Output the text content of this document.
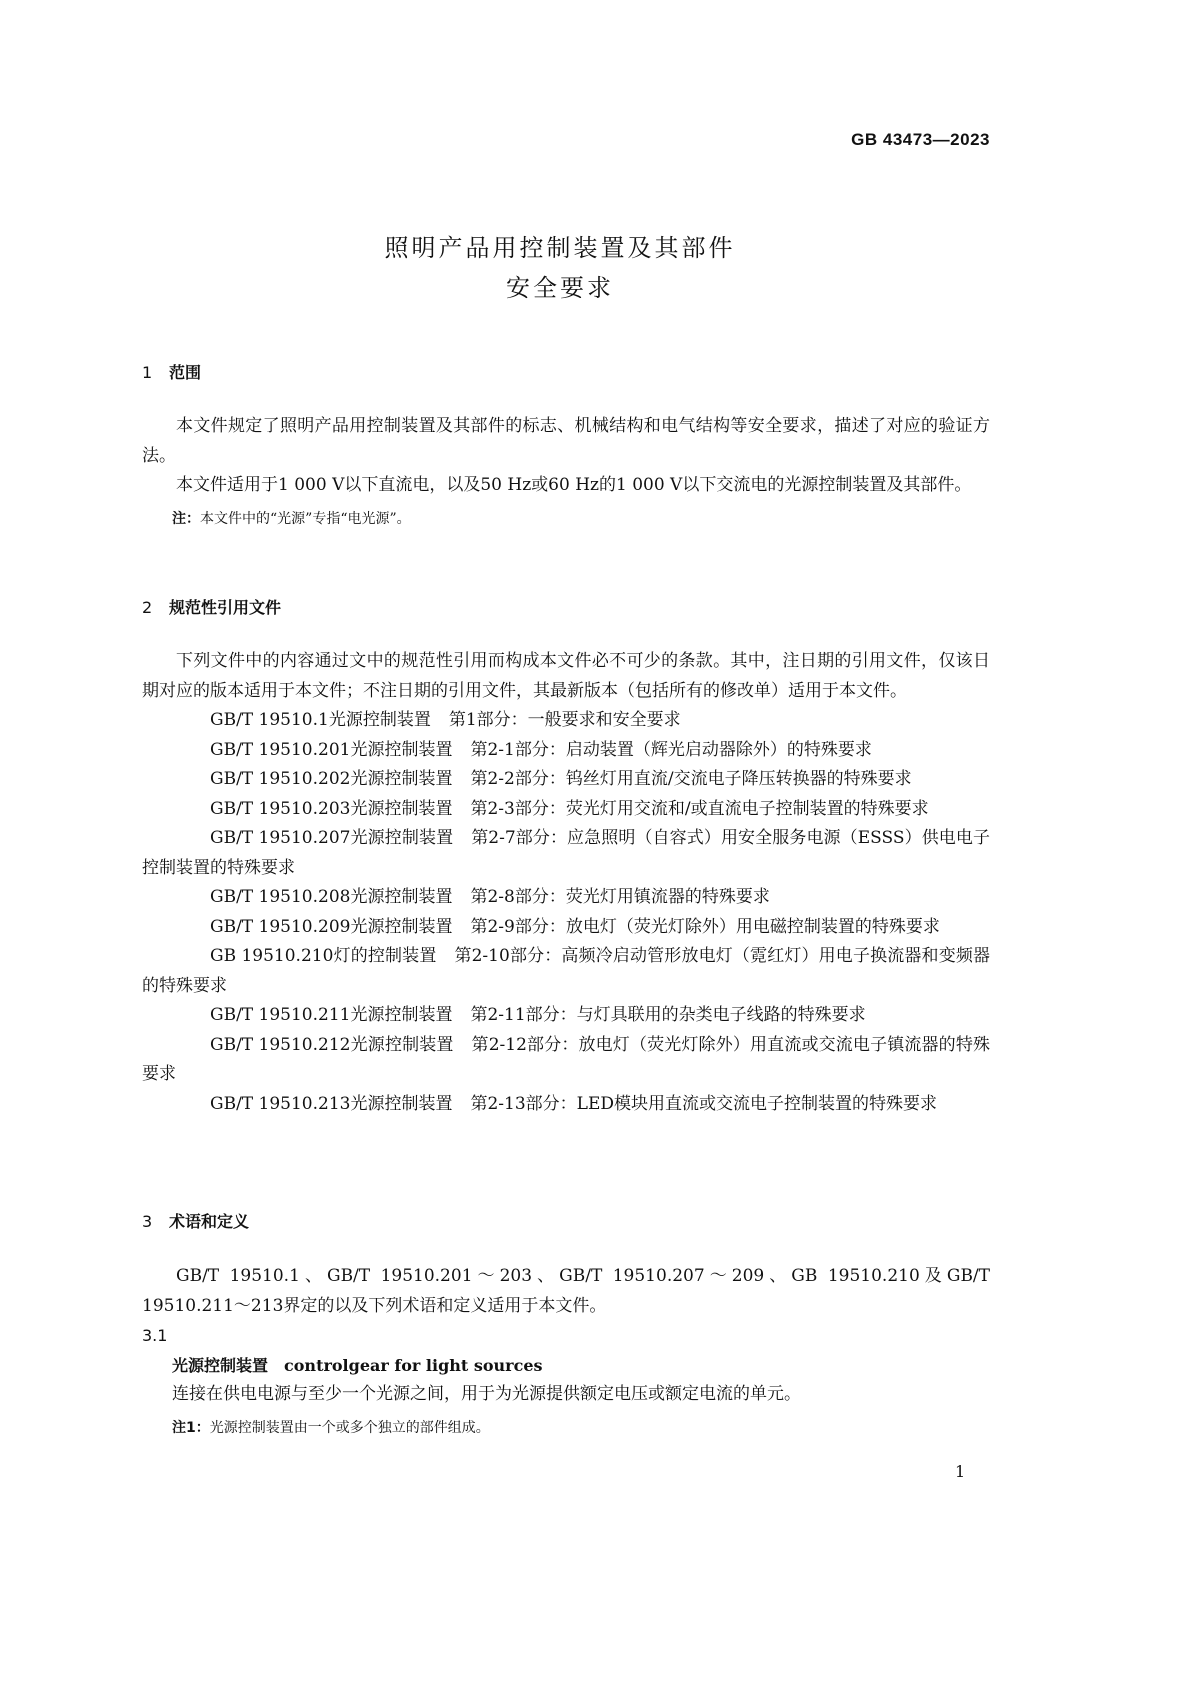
GB 43473—2023
照明产品用控制装置及其部件
安全要求
1 范围

本文件规定了照明产品用控制装置及其部件的标志、机械结构和电气结构等安全要求，描述了对应的验证方法。

本文件适用于1 000 V以下直流电，以及50 Hz或60 Hz的1 000 V以下交流电的光源控制装置及其部件。

注：本文件中的“光源”专指“电光源”。

2 规范性引用文件

下列文件中的内容通过文中的规范性引用而构成本文件必不可少的条款。其中，注日期的引用文件，仅该日期对应的版本适用于本文件；不注日期的引用文件，其最新版本（包括所有的修改单）适用于本文件。

GB/T 19510.1光源控制装置 第1部分：一般要求和安全要求

GB/T 19510.201光源控制装置 第2-1部分：启动装置（辉光启动器除外）的特殊要求

GB/T 19510.202光源控制装置 第2-2部分：钨丝灯用直流/交流电子降压转换器的特殊要求

GB/T 19510.203光源控制装置 第2-3部分：荧光灯用交流和/或直流电子控制装置的特殊要求

GB/T 19510.207光源控制装置 第2-7部分：应急照明（自容式）用安全服务电源（ESSS）供电电子控制装置的特殊要求

GB/T 19510.208光源控制装置 第2-8部分：荧光灯用镇流器的特殊要求

GB/T 19510.209光源控制装置 第2-9部分：放电灯（荧光灯除外）用电磁控制装置的特殊要求

GB 19510.210灯的控制装置 第2-10部分：高频冷启动管形放电灯（霓红灯）用电子换流器和变频器的特殊要求

GB/T 19510.211光源控制装置 第2-11部分：与灯具联用的杂类电子线路的特殊要求

GB/T 19510.212光源控制装置 第2-12部分：放电灯（荧光灯除外）用直流或交流电子镇流器的特殊要求

GB/T 19510.213光源控制装置 第2-13部分：LED模块用直流或交流电子控制装置的特殊要求

3 术语和定义

GB/T 19510.1、GB/T 19510.201～203、GB/T 19510.207～209、GB 19510.210及GB/T 19510.211～213界定的以及下列术语和定义适用于本文件。

3.1
光源控制装置 controlgear for light sources
连接在供电电源与至少一个光源之间，用于为光源提供额定电压或额定电流的单元。

注1：光源控制装置由一个或多个独立的部件组成。

1
